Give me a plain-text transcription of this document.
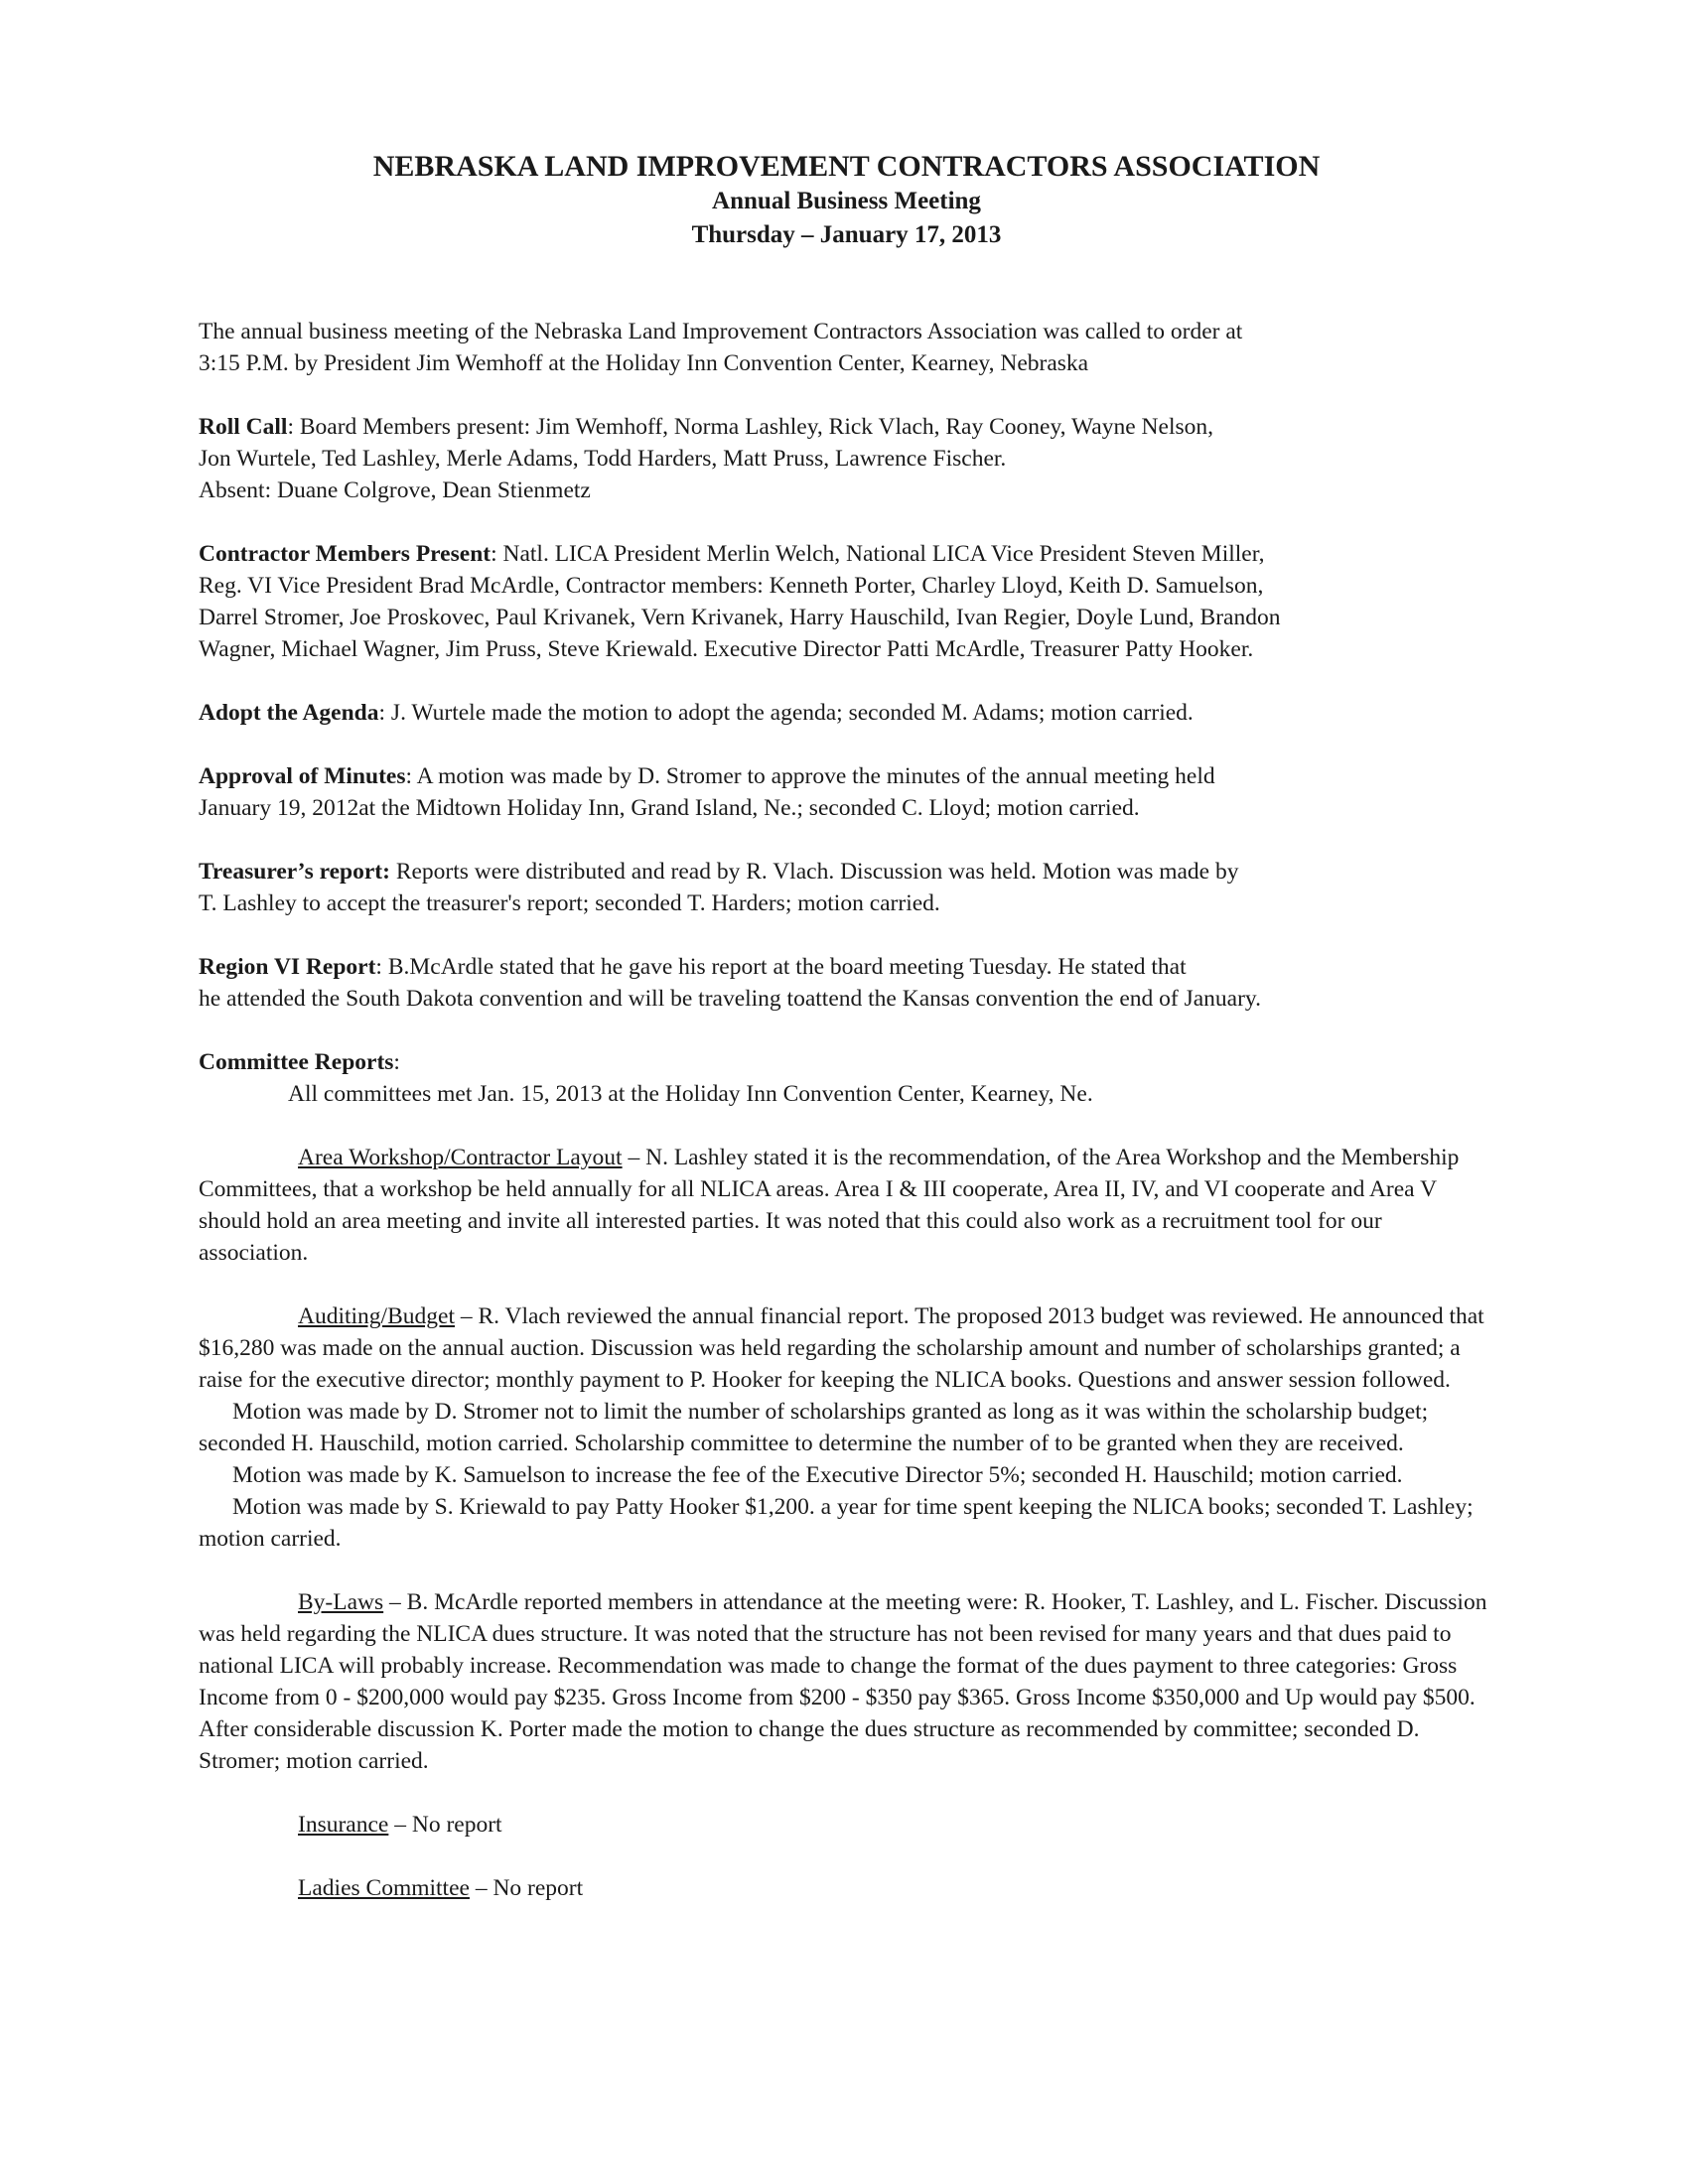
NEBRASKA LAND IMPROVEMENT CONTRACTORS ASSOCIATION
Annual Business Meeting
Thursday – January 17, 2013

The annual business meeting of the Nebraska Land Improvement Contractors Association was called to order at
3:15 P.M. by President Jim Wemhoff at the Holiday Inn Convention Center, Kearney, Nebraska

Roll Call: Board Members present: Jim Wemhoff, Norma Lashley, Rick Vlach, Ray Cooney, Wayne Nelson,
Jon Wurtele, Ted Lashley, Merle Adams, Todd Harders, Matt Pruss, Lawrence Fischer.
Absent: Duane Colgrove, Dean Stienmetz

Contractor Members Present: Natl. LICA President Merlin Welch, National LICA Vice President Steven Miller,
Reg. VI Vice President Brad McArdle, Contractor members: Kenneth Porter, Charley Lloyd, Keith D. Samuelson,
Darrel Stromer, Joe Proskovec, Paul Krivanek, Vern Krivanek, Harry Hauschild, Ivan Regier, Doyle Lund, Brandon
Wagner, Michael Wagner, Jim Pruss, Steve Kriewald. Executive Director Patti McArdle, Treasurer Patty Hooker.

Adopt the Agenda: J. Wurtele made the motion to adopt the agenda; seconded M. Adams; motion carried.

Approval of Minutes: A motion was made by D. Stromer to approve the minutes of the annual meeting held
January 19, 2012at the Midtown Holiday Inn, Grand Island, Ne.; seconded C. Lloyd; motion carried.

Treasurer’s report: Reports were distributed and read by R. Vlach. Discussion was held. Motion was made by
T. Lashley to accept the treasurer's report; seconded T. Harders; motion carried.

Region VI Report: B.McArdle stated that he gave his report at the board meeting Tuesday. He stated that
he attended the South Dakota convention and will be traveling toattend the Kansas convention the end of January.

Committee Reports:

All committees met Jan. 15, 2013 at the Holiday Inn Convention Center, Kearney, Ne.

Area Workshop/Contractor Layout – N. Lashley stated it is the recommendation, of the Area Workshop and the Membership Committees, that a workshop be held annually for all NLICA areas. Area I & III cooperate, Area II, IV, and VI cooperate and Area V should hold an area meeting and invite all interested parties. It was noted that this could also work as a recruitment tool for our association.

Auditing/Budget – R. Vlach reviewed the annual financial report. The proposed 2013 budget was reviewed. He announced that $16,280 was made on the annual auction. Discussion was held regarding the scholarship amount and number of scholarships granted; a raise for the executive director; monthly payment to P. Hooker for keeping the NLICA books. Questions and answer session followed.

Motion was made by D. Stromer not to limit the number of scholarships granted as long as it was within the scholarship budget; seconded H. Hauschild, motion carried. Scholarship committee to determine the number of to be granted when they are received.

Motion was made by K. Samuelson to increase the fee of the Executive Director 5%; seconded H. Hauschild; motion carried.

Motion was made by S. Kriewald to pay Patty Hooker $1,200. a year for time spent keeping the NLICA books; seconded T. Lashley; motion carried.

By-Laws – B. McArdle reported members in attendance at the meeting were: R. Hooker, T. Lashley, and L. Fischer. Discussion was held regarding the NLICA dues structure. It was noted that the structure has not been revised for many years and that dues paid to national LICA will probably increase. Recommendation was made to change the format of the dues payment to three categories: Gross Income from 0 - $200,000 would pay $235. Gross Income from $200 - $350 pay $365. Gross Income $350,000 and Up would pay $500. After considerable discussion K. Porter made the motion to change the dues structure as recommended by committee; seconded D. Stromer; motion carried.

Insurance – No report

Ladies Committee – No report
